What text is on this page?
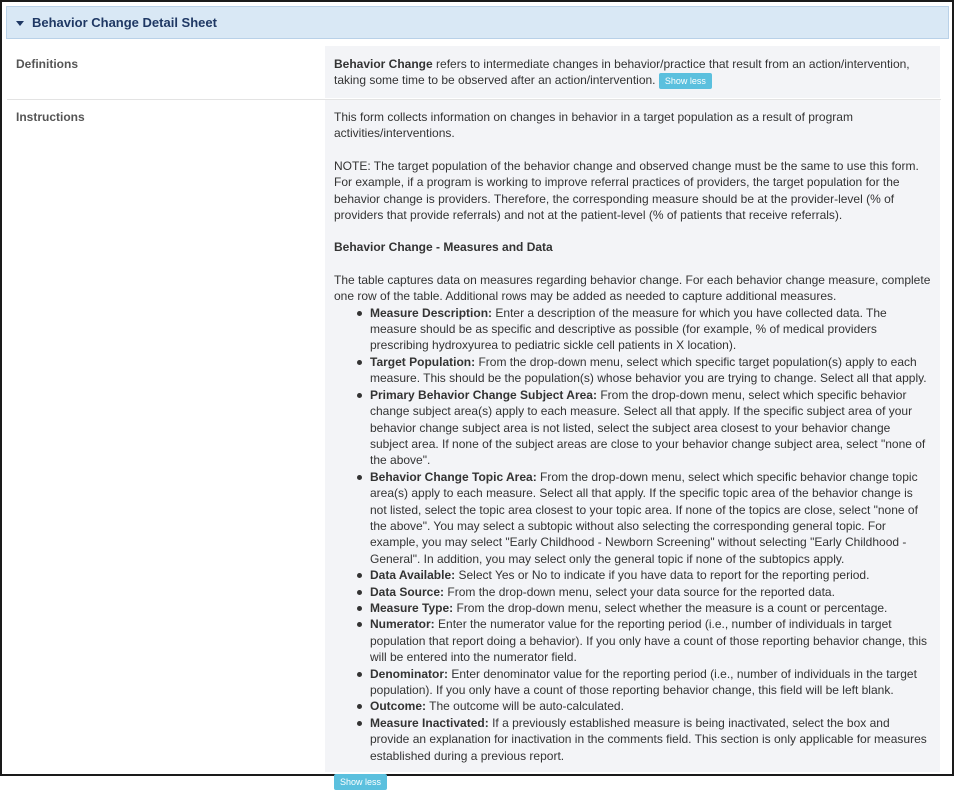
Behavior Change Detail Sheet
Definitions	Behavior Change refers to intermediate changes in behavior/practice that result from an action/intervention, taking some time to be observed after an action/intervention. Show less

Instructions	This form collects information on changes in behavior in a target population as a result of program activities/interventions.

NOTE: The target population of the behavior change and observed change must be the same to use this form. For example, if a program is working to improve referral practices of providers, the target population for the behavior change is providers. Therefore, the corresponding measure should be at the provider-level (% of providers that provide referrals) and not at the patient-level (% of patients that receive referrals).

Behavior Change - Measures and Data

The table captures data on measures regarding behavior change. For each behavior change measure, complete one row of the table. Additional rows may be added as needed to capture additional measures.

Measure Description: Enter a description of the measure for which you have collected data. The measure should be as specific and descriptive as possible (for example, % of medical providers prescribing hydroxyurea to pediatric sickle cell patients in X location).
Target Population: From the drop-down menu, select which specific target population(s) apply to each measure. This should be the population(s) whose behavior you are trying to change. Select all that apply.
Primary Behavior Change Subject Area: From the drop-down menu, select which specific behavior change subject area(s) apply to each measure. Select all that apply. If the specific subject area of your behavior change subject area is not listed, select the subject area closest to your behavior change subject area. If none of the subject areas are close to your behavior change subject area, select "none of the above".
Behavior Change Topic Area: From the drop-down menu, select which specific behavior change topic area(s) apply to each measure. Select all that apply. If the specific topic area of the behavior change is not listed, select the topic area closest to your topic area. If none of the topics are close, select "none of the above". You may select a subtopic without also selecting the corresponding general topic. For example, you may select "Early Childhood - Newborn Screening" without selecting "Early Childhood - General". In addition, you may select only the general topic if none of the subtopics apply.
Data Available: Select Yes or No to indicate if you have data to report for the reporting period.
Data Source: From the drop-down menu, select your data source for the reported data.
Measure Type: From the drop-down menu, select whether the measure is a count or percentage.
Numerator: Enter the numerator value for the reporting period (i.e., number of individuals in target population that report doing a behavior). If you only have a count of those reporting behavior change, this will be entered into the numerator field.
Denominator: Enter denominator value for the reporting period (i.e., number of individuals in the target population). If you only have a count of those reporting behavior change, this field will be left blank.
Outcome: The outcome will be auto-calculated.
Measure Inactivated: If a previously established measure is being inactivated, select the box and provide an explanation for inactivation in the comments field. This section is only applicable for measures established during a previous report.
Show less
